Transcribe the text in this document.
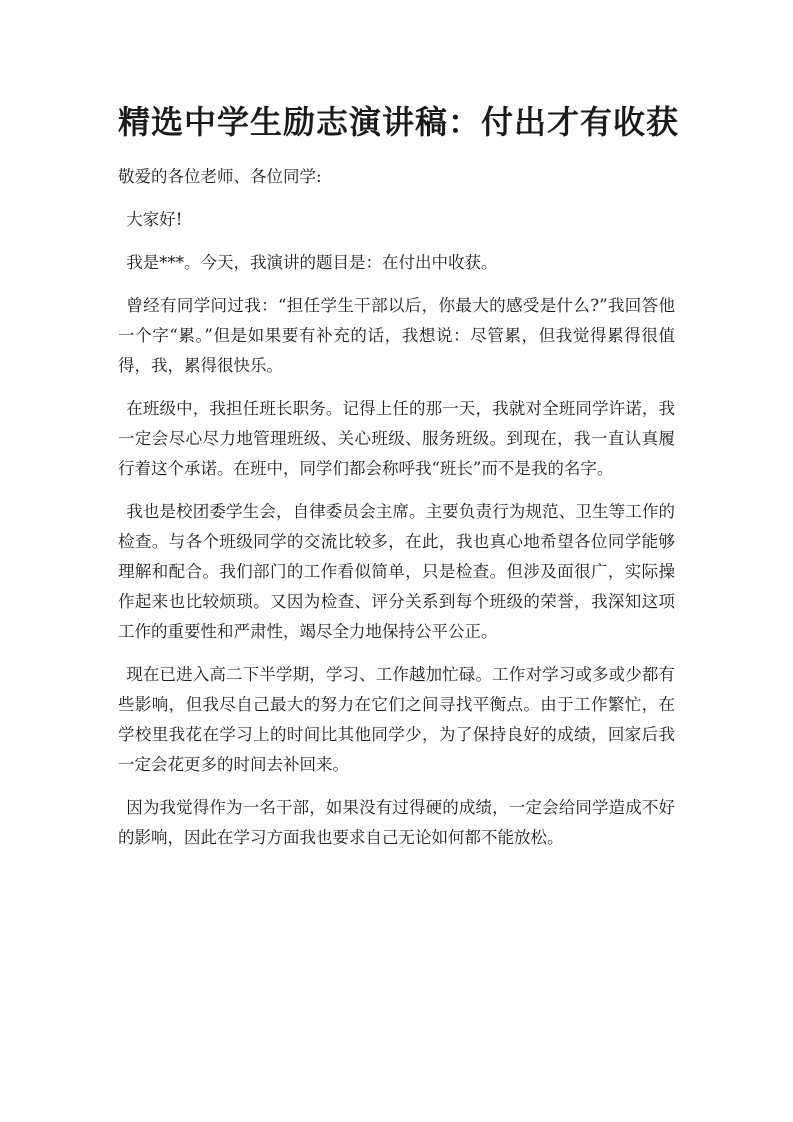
精选中学生励志演讲稿：付出才有收获

敬爱的各位老师、各位同学:

大家好!

我是***。今天，我演讲的题目是：在付出中收获。

曾经有同学问过我：“担任学生干部以后，你最大的感受是什么?”我回答他一个字“累。”但是如果要有补充的话，我想说：尽管累，但我觉得累得很值得，我，累得很快乐。

在班级中，我担任班长职务。记得上任的那一天，我就对全班同学许诺，我一定会尽心尽力地管理班级、关心班级、服务班级。到现在，我一直认真履行着这个承诺。在班中，同学们都会称呼我“班长”而不是我的名字。

我也是校团委学生会，自律委员会主席。主要负责行为规范、卫生等工作的检查。与各个班级同学的交流比较多，在此，我也真心地希望各位同学能够理解和配合。我们部门的工作看似简单，只是检查。但涉及面很广，实际操作起来也比较烦琐。又因为检查、评分关系到每个班级的荣誉，我深知这项工作的重要性和严肃性，竭尽全力地保持公平公正。

现在已进入高二下半学期，学习、工作越加忙碌。工作对学习或多或少都有些影响，但我尽自己最大的努力在它们之间寻找平衡点。由于工作繁忙，在学校里我花在学习上的时间比其他同学少，为了保持良好的成绩，回家后我一定会花更多的时间去补回来。

因为我觉得作为一名干部，如果没有过得硬的成绩，一定会给同学造成不好的影响，因此在学习方面我也要求自己无论如何都不能放松。
